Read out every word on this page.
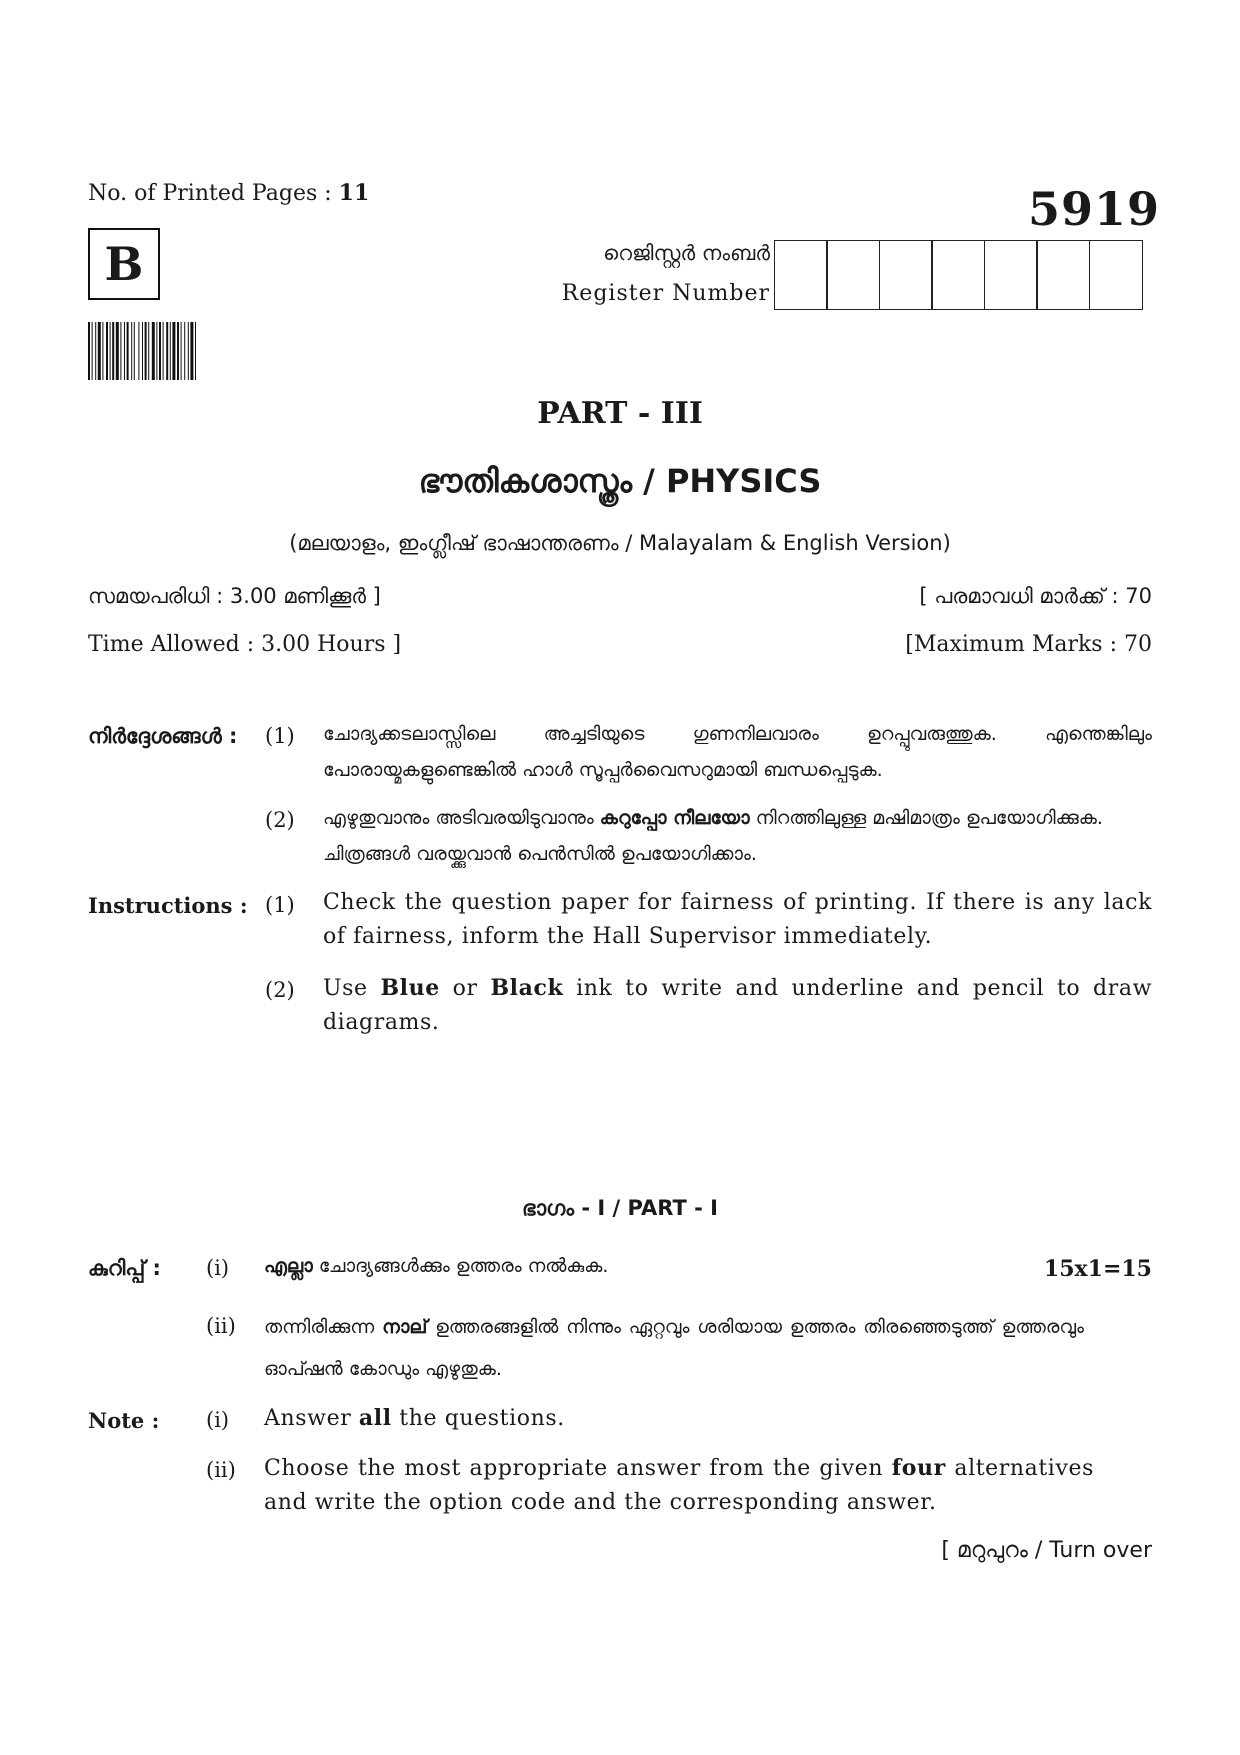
No. of Printed Pages : 11	5919
B	റെജിസ്റ്റർ നംബർ
Register Number
PART - III
ഭൗതികശാസ്ത്രം / PHYSICS
(മലയാളം, ഇംഗ്ലീഷ് ഭാഷാന്തരണം / Malayalam & English Version)
സമയപരിധി : 3.00 മണിക്കൂർ ]	[ പരമാവധി മാർക്ക് : 70
Time Allowed : 3.00 Hours ]	[Maximum Marks : 70
നിർദ്ദേശങ്ങൾ : (1) ചോദ്യക്കടലാസ്സിലെ അച്ചടിയുടെ ഗുണനിലവാരം ഉറപ്പുവരുത്തുക. എന്തെങ്കിലും പോരായ്മകളുണ്ടെങ്കിൽ ഹാൾ സൂപ്പർവൈസറുമായി ബന്ധപ്പെടുക.
(2) എഴുതുവാനും അടിവരയിടുവാനും കറുപ്പോ നീലയോ നിറത്തിലുള്ള മഷിമാത്രം ഉപയോഗിക്കുക. ചിത്രങ്ങൾ വരയ്ക്കുവാൻ പെൻസിൽ ഉപയോഗിക്കാം.
Instructions : (1) Check the question paper for fairness of printing. If there is any lack of fairness, inform the Hall Supervisor immediately.
(2) Use Blue or Black ink to write and underline and pencil to draw diagrams.
ഭാഗം - I / PART - I
കുറിപ്പ് : (i) എല്ലാ ചോദ്യങ്ങൾക്കും ഉത്തരം നൽകുക.	15x1=15
(ii) തന്നിരിക്കുന്ന നാല് ഉത്തരങ്ങളിൽ നിന്നും ഏറ്റവും ശരിയായ ഉത്തരം തിരഞ്ഞെടുത്ത് ഉത്തരവും ഓപ്ഷൻ കോഡും എഴുതുക.
Note : (i) Answer all the questions.
(ii) Choose the most appropriate answer from the given four alternatives and write the option code and the corresponding answer.
[ മറുപുറം / Turn over
